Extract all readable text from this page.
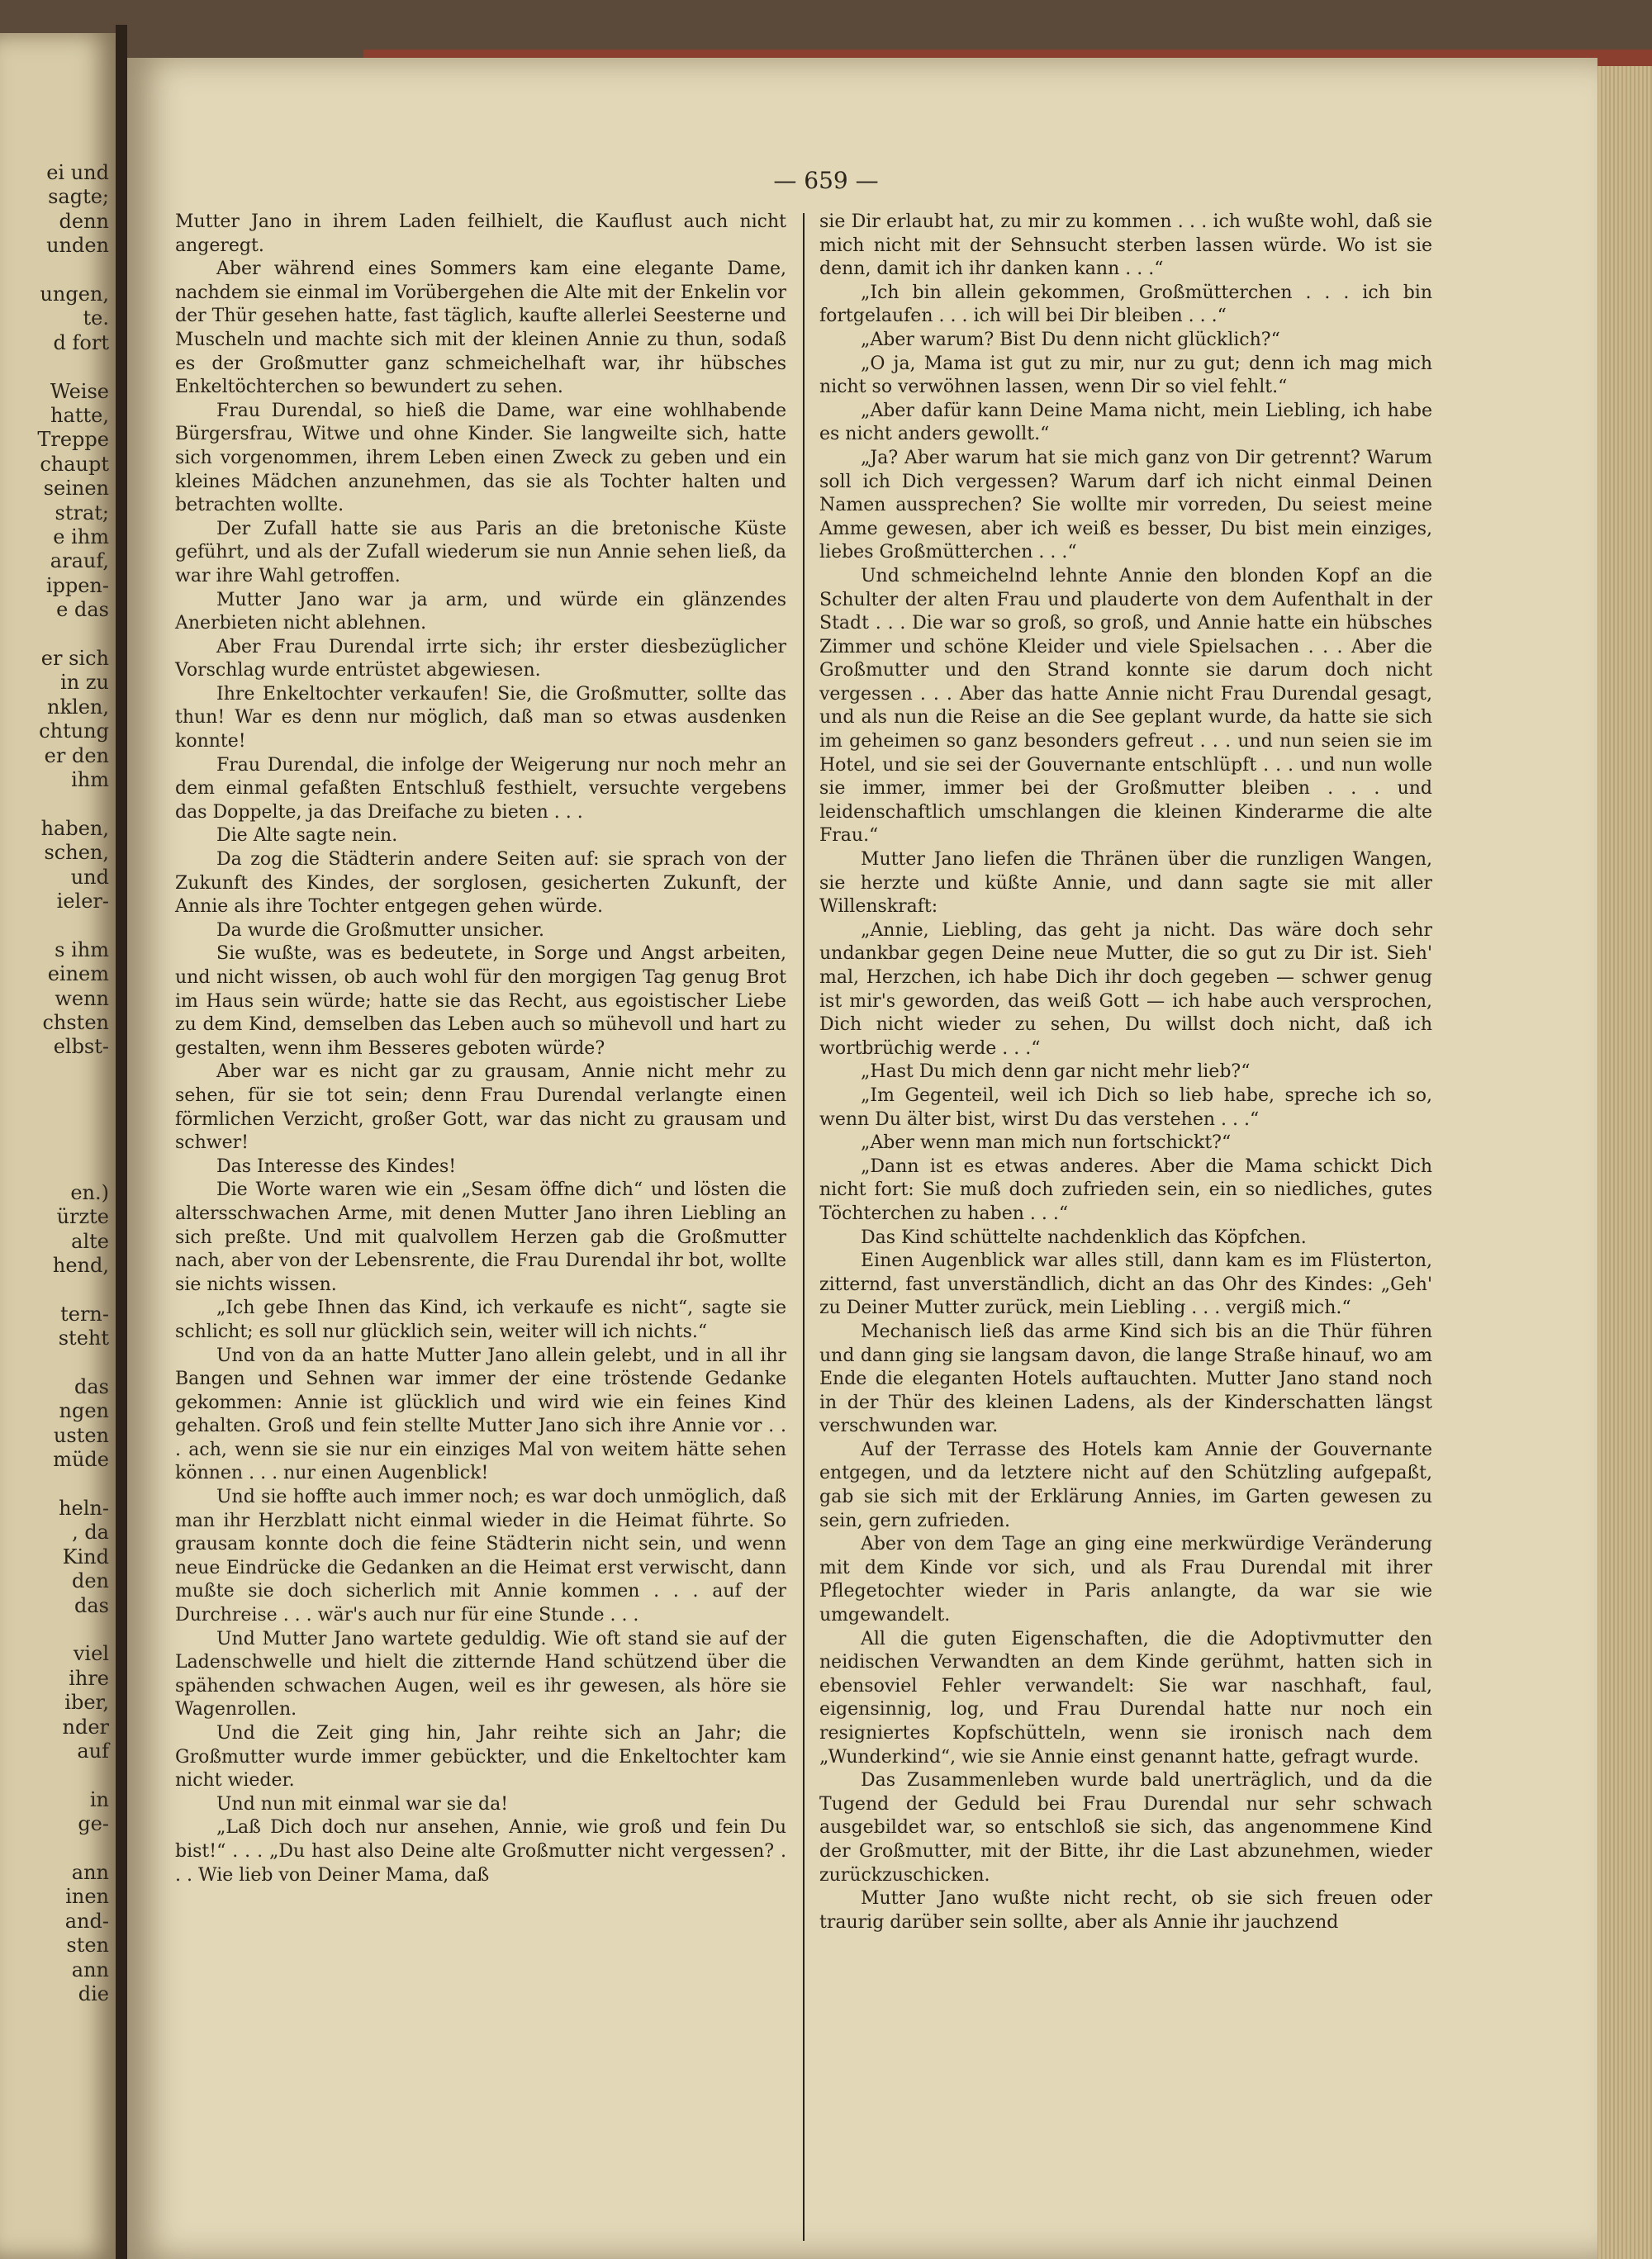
ei und
sagte;
denn
unden
ungen,
te.
d fort
Weise
hatte,
Treppe
chaupt
seinen
strat;
e ihm
arauf,
ippen-
e das
er sich
in zu
nklen,
chtung
er den
ihm
haben,
schen,
und
ieler-
s ihm
einem
wenn
chsten
elbst-
en.)
ürzte
alte
hend,
tern-
steht
das
ngen
usten
müde
heln-
, da
Kind
den
das
viel
ihre
iber,
nder
auf
in
ge-
ann
inen
and-
sten
ann
die
— 659 —

Mutter Jano in ihrem Laden feilhielt, die Kauflust auch nicht angeregt.

Aber während eines Sommers kam eine elegante Dame, nachdem sie einmal im Vorübergehen die Alte mit der Enkelin vor der Thür gesehen hatte, fast täglich, kaufte allerlei Seesterne und Muscheln und machte sich mit der kleinen Annie zu thun, sodaß es der Großmutter ganz schmeichelhaft war, ihr hübsches Enkeltöchterchen so bewundert zu sehen.

Frau Durendal, so hieß die Dame, war eine wohlhabende Bürgersfrau, Witwe und ohne Kinder. Sie langweilte sich, hatte sich vorgenommen, ihrem Leben einen Zweck zu geben und ein kleines Mädchen anzunehmen, das sie als Tochter halten und betrachten wollte.

Der Zufall hatte sie aus Paris an die bretonische Küste geführt, und als der Zufall wiederum sie nun Annie sehen ließ, da war ihre Wahl getroffen.

Mutter Jano war ja arm, und würde ein glänzendes Anerbieten nicht ablehnen.

Aber Frau Durendal irrte sich; ihr erster diesbezüglicher Vorschlag wurde entrüstet abgewiesen.

Ihre Enkeltochter verkaufen! Sie, die Großmutter, sollte das thun! War es denn nur möglich, daß man so etwas ausdenken konnte!

Frau Durendal, die infolge der Weigerung nur noch mehr an dem einmal gefaßten Entschluß festhielt, versuchte vergebens das Doppelte, ja das Dreifache zu bieten . . .

Die Alte sagte nein.

Da zog die Städterin andere Seiten auf: sie sprach von der Zukunft des Kindes, der sorglosen, gesicherten Zukunft, der Annie als ihre Tochter entgegen gehen würde.

Da wurde die Großmutter unsicher.

Sie wußte, was es bedeutete, in Sorge und Angst arbeiten, und nicht wissen, ob auch wohl für den morgigen Tag genug Brot im Haus sein würde; hatte sie das Recht, aus egoistischer Liebe zu dem Kind, demselben das Leben auch so mühevoll und hart zu gestalten, wenn ihm Besseres geboten würde?

Aber war es nicht gar zu grausam, Annie nicht mehr zu sehen, für sie tot sein; denn Frau Durendal verlangte einen förmlichen Verzicht, großer Gott, war das nicht zu grausam und schwer!

Das Interesse des Kindes!

Die Worte waren wie ein „Sesam öffne dich“ und lösten die altersschwachen Arme, mit denen Mutter Jano ihren Liebling an sich preßte. Und mit qualvollem Herzen gab die Großmutter nach, aber von der Lebensrente, die Frau Durendal ihr bot, wollte sie nichts wissen.

„Ich gebe Ihnen das Kind, ich verkaufe es nicht“, sagte sie schlicht; es soll nur glücklich sein, weiter will ich nichts.“

Und von da an hatte Mutter Jano allein gelebt, und in all ihr Bangen und Sehnen war immer der eine tröstende Gedanke gekommen: Annie ist glücklich und wird wie ein feines Kind gehalten. Groß und fein stellte Mutter Jano sich ihre Annie vor . . . ach, wenn sie sie nur ein einziges Mal von weitem hätte sehen können . . . nur einen Augenblick!

Und sie hoffte auch immer noch; es war doch unmöglich, daß man ihr Herzblatt nicht einmal wieder in die Heimat führte. So grausam konnte doch die feine Städterin nicht sein, und wenn neue Eindrücke die Gedanken an die Heimat erst verwischt, dann mußte sie doch sicherlich mit Annie kommen . . . auf der Durchreise . . . wär's auch nur für eine Stunde . . .

Und Mutter Jano wartete geduldig. Wie oft stand sie auf der Ladenschwelle und hielt die zitternde Hand schützend über die spähenden schwachen Augen, weil es ihr gewesen, als höre sie Wagenrollen.

Und die Zeit ging hin, Jahr reihte sich an Jahr; die Großmutter wurde immer gebückter, und die Enkeltochter kam nicht wieder.

Und nun mit einmal war sie da!

„Laß Dich doch nur ansehen, Annie, wie groß und fein Du bist!“ . . . „Du hast also Deine alte Großmutter nicht vergessen? . . . Wie lieb von Deiner Mama, daß

sie Dir erlaubt hat, zu mir zu kommen . . . ich wußte wohl, daß sie mich nicht mit der Sehnsucht sterben lassen würde. Wo ist sie denn, damit ich ihr danken kann . . .“

„Ich bin allein gekommen, Großmütterchen . . . ich bin fortgelaufen . . . ich will bei Dir bleiben . . .“

„Aber warum? Bist Du denn nicht glücklich?“

„O ja, Mama ist gut zu mir, nur zu gut; denn ich mag mich nicht so verwöhnen lassen, wenn Dir so viel fehlt.“

„Aber dafür kann Deine Mama nicht, mein Liebling, ich habe es nicht anders gewollt.“

„Ja? Aber warum hat sie mich ganz von Dir getrennt? Warum soll ich Dich vergessen? Warum darf ich nicht einmal Deinen Namen aussprechen? Sie wollte mir vorreden, Du seiest meine Amme gewesen, aber ich weiß es besser, Du bist mein einziges, liebes Großmütterchen . . .“

Und schmeichelnd lehnte Annie den blonden Kopf an die Schulter der alten Frau und plauderte von dem Aufenthalt in der Stadt . . . Die war so groß, so groß, und Annie hatte ein hübsches Zimmer und schöne Kleider und viele Spielsachen . . . Aber die Großmutter und den Strand konnte sie darum doch nicht vergessen . . . Aber das hatte Annie nicht Frau Durendal gesagt, und als nun die Reise an die See geplant wurde, da hatte sie sich im geheimen so ganz besonders gefreut . . . und nun seien sie im Hotel, und sie sei der Gouvernante entschlüpft . . . und nun wolle sie immer, immer bei der Großmutter bleiben . . . und leidenschaftlich umschlangen die kleinen Kinderarme die alte Frau.“

Mutter Jano liefen die Thränen über die runzligen Wangen, sie herzte und küßte Annie, und dann sagte sie mit aller Willenskraft:

„Annie, Liebling, das geht ja nicht. Das wäre doch sehr undankbar gegen Deine neue Mutter, die so gut zu Dir ist. Sieh' mal, Herzchen, ich habe Dich ihr doch gegeben — schwer genug ist mir's geworden, das weiß Gott — ich habe auch versprochen, Dich nicht wieder zu sehen, Du willst doch nicht, daß ich wortbrüchig werde . . .“

„Hast Du mich denn gar nicht mehr lieb?“

„Im Gegenteil, weil ich Dich so lieb habe, spreche ich so, wenn Du älter bist, wirst Du das verstehen . . .“

„Aber wenn man mich nun fortschickt?“

„Dann ist es etwas anderes. Aber die Mama schickt Dich nicht fort: Sie muß doch zufrieden sein, ein so niedliches, gutes Töchterchen zu haben . . .“

Das Kind schüttelte nachdenklich das Köpfchen.

Einen Augenblick war alles still, dann kam es im Flüsterton, zitternd, fast unverständlich, dicht an das Ohr des Kindes: „Geh' zu Deiner Mutter zurück, mein Liebling . . . vergiß mich.“

Mechanisch ließ das arme Kind sich bis an die Thür führen und dann ging sie langsam davon, die lange Straße hinauf, wo am Ende die eleganten Hotels auftauchten. Mutter Jano stand noch in der Thür des kleinen Ladens, als der Kinderschatten längst verschwunden war.

Auf der Terrasse des Hotels kam Annie der Gouvernante entgegen, und da letztere nicht auf den Schützling aufgepaßt, gab sie sich mit der Erklärung Annies, im Garten gewesen zu sein, gern zufrieden.

Aber von dem Tage an ging eine merkwürdige Veränderung mit dem Kinde vor sich, und als Frau Durendal mit ihrer Pflegetochter wieder in Paris anlangte, da war sie wie umgewandelt.

All die guten Eigenschaften, die die Adoptivmutter den neidischen Verwandten an dem Kinde gerühmt, hatten sich in ebensoviel Fehler verwandelt: Sie war naschhaft, faul, eigensinnig, log, und Frau Durendal hatte nur noch ein resigniertes Kopfschütteln, wenn sie ironisch nach dem „Wunderkind“, wie sie Annie einst genannt hatte, gefragt wurde.

Das Zusammenleben wurde bald unerträglich, und da die Tugend der Geduld bei Frau Durendal nur sehr schwach ausgebildet war, so entschloß sie sich, das angenommene Kind der Großmutter, mit der Bitte, ihr die Last abzunehmen, wieder zurückzuschicken.

Mutter Jano wußte nicht recht, ob sie sich freuen oder traurig darüber sein sollte, aber als Annie ihr jauchzend
